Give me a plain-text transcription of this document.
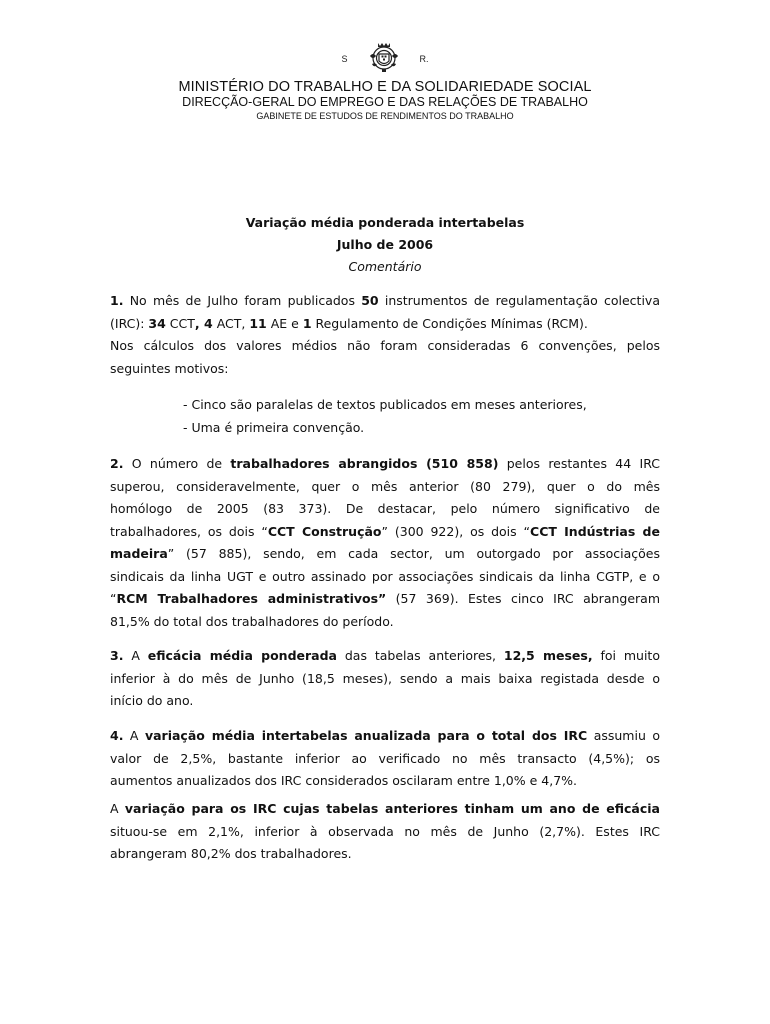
S	R.
MINISTÉRIO DO TRABALHO E DA SOLIDARIEDADE SOCIAL
DIRECÇÃO-GERAL DO EMPREGO E DAS RELAÇÕES DE TRABALHO
GABINETE DE ESTUDOS DE RENDIMENTOS DO TRABALHO
Variação média ponderada intertabelas
Julho de 2006
Comentário
1. No mês de Julho foram publicados 50 instrumentos de regulamentação colectiva
(IRC): 34 CCT, 4 ACT, 11 AE e 1 Regulamento de Condições Mínimas (RCM).
Nos cálculos dos valores médios não foram consideradas 6 convenções, pelos
seguintes motivos:
- Cinco são paralelas de textos publicados em meses anteriores,
- Uma é primeira convenção.
2. O número de trabalhadores abrangidos (510 858) pelos restantes 44 IRC
superou, consideravelmente, quer o mês anterior (80 279), quer o do mês
homólogo de 2005 (83 373). De destacar, pelo número significativo de
trabalhadores, os dois “CCT Construção” (300 922), os dois “CCT Indústrias de
madeira” (57 885), sendo, em cada sector, um outorgado por associações
sindicais da linha UGT e outro assinado por associações sindicais da linha CGTP, e o
“RCM Trabalhadores administrativos” (57 369). Estes cinco IRC abrangeram
81,5% do total dos trabalhadores do período.
3. A eficácia média ponderada das tabelas anteriores, 12,5 meses, foi muito
inferior à do mês de Junho (18,5 meses), sendo a mais baixa registada desde o
início do ano.
4. A variação média intertabelas anualizada para o total dos IRC assumiu o
valor de 2,5%, bastante inferior ao verificado no mês transacto (4,5%); os
aumentos anualizados dos IRC considerados oscilaram entre 1,0% e 4,7%.
A variação para os IRC cujas tabelas anteriores tinham um ano de eficácia
situou-se em 2,1%, inferior à observada no mês de Junho (2,7%). Estes IRC
abrangeram 80,2% dos trabalhadores.
